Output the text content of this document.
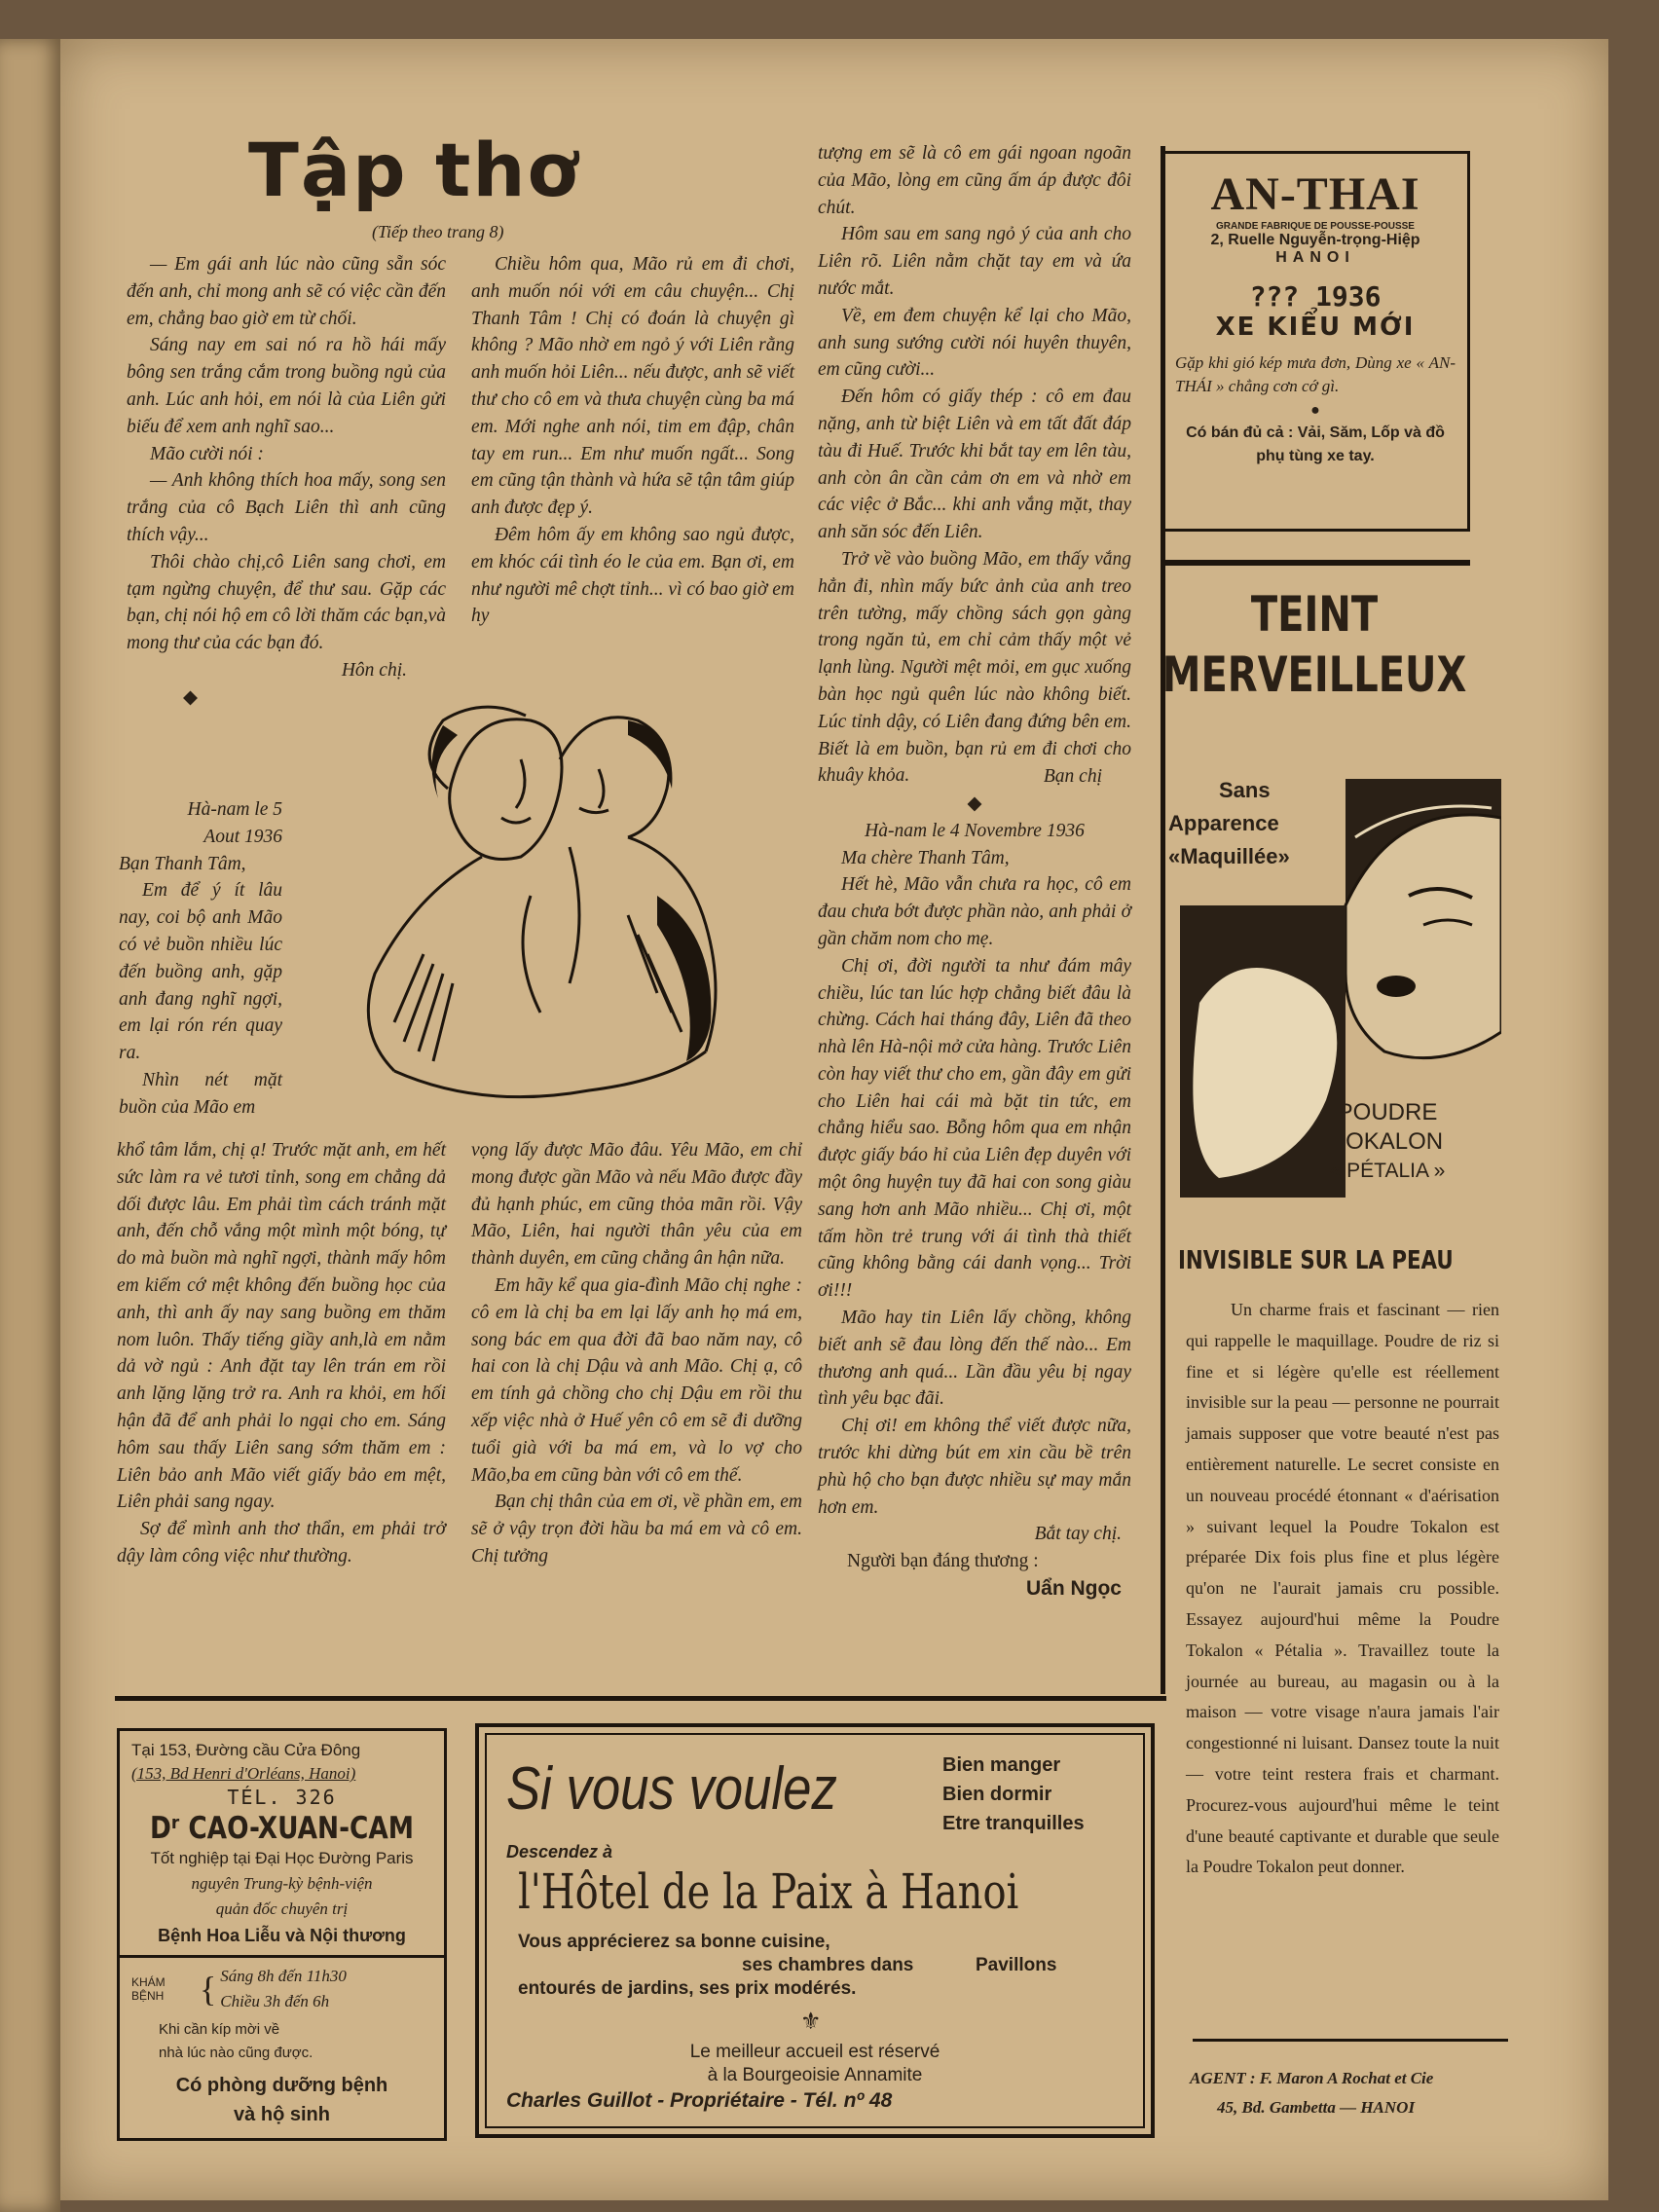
Tập thơ
(Tiếp theo trang 8)

— Em gái anh lúc nào cũng sẵn sóc đến anh, chỉ mong anh sẽ có việc cần đến em, chẳng bao giờ em từ chối.

Sáng nay em sai nó ra hồ hái mấy bông sen trắng cắm trong buồng ngủ của anh. Lúc anh hỏi, em nói là của Liên gửi biếu để xem anh nghĩ sao...

Mão cười nói :

— Anh không thích hoa mấy, song sen trắng của cô Bạch Liên thì anh cũng thích vậy...

Thôi chào chị,cô Liên sang chơi, em tạm ngừng chuyện, để thư sau. Gặp các bạn, chị nói hộ em cô lời thăm các bạn,và mong thư của các bạn đó.

Hôn chị.

◆

Hà-nam le 5 Aout 1936

Bạn Thanh Tâm,

Em để ý ít lâu nay, coi bộ anh Mão có vẻ buồn nhiều lúc đến buồng anh, gặp anh đang nghĩ ngợi, em lại rón rén quay ra.

Nhìn nét mặt buồn của Mão em

khổ tâm lắm, chị ạ! Trước mặt anh, em hết sức làm ra vẻ tươi tỉnh, song em chẳng dả dối được lâu. Em phải tìm cách tránh mặt anh, đến chỗ vắng một mình một bóng, tự do mà buồn mà nghĩ ngợi, thành mấy hôm em kiếm cớ mệt không đến buồng học của anh, thì anh ấy nay sang buồng em thăm nom luôn. Thấy tiếng giầy anh,là em nằm dả vờ ngủ : Anh đặt tay lên trán em rồi anh lặng lặng trở ra. Anh ra khỏi, em hối hận đã để anh phải lo ngại cho em. Sáng hôm sau thấy Liên sang sớm thăm em : Liên bảo anh Mão viết giấy bảo em mệt, Liên phải sang ngay.

Sợ để mình anh thơ thẩn, em phải trở dậy làm công việc như thường.

Chiều hôm qua, Mão rủ em đi chơi, anh muốn nói với em câu chuyện... Chị Thanh Tâm ! Chị có đoán là chuyện gì không ? Mão nhờ em ngỏ ý với Liên rằng anh muốn hỏi Liên... nếu được, anh sẽ viết thư cho cô em và thưa chuyện cùng ba má em. Mới nghe anh nói, tim em đập, chân tay em run... Em như muốn ngất... Song em cũng tận thành và hứa sẽ tận tâm giúp anh được đẹp ý.

Đêm hôm ấy em không sao ngủ được, em khóc cái tình éo le của em. Bạn ơi, em như người mê chợt tỉnh... vì có bao giờ em hy

vọng lấy được Mão đâu. Yêu Mão, em chỉ mong được gần Mão và nếu Mão được đầy đủ hạnh phúc, em cũng thỏa mãn rồi. Vậy Mão, Liên, hai người thân yêu của em thành duyên, em cũng chẳng ân hận nữa.

Em hãy kể qua gia-đình Mão chị nghe : cô em là chị ba em lại lấy anh họ má em, song bác em qua đời đã bao năm nay, cô hai con là chị Dậu và anh Mão. Chị ạ, cô em tính gả chồng cho chị Dậu em rồi thu xếp việc nhà ở Huế yên cô em sẽ đi dưỡng tuổi già với ba má em, và lo vợ cho Mão,ba em cũng bàn với cô em thế.

Bạn chị thân của em ơi, về phần em, em sẽ ở vậy trọn đời hầu ba má em và cô em. Chị tưởng

tượng em sẽ là cô em gái ngoan ngoãn của Mão, lòng em cũng ấm áp được đôi chút.

Hôm sau em sang ngỏ ý của anh cho Liên rõ. Liên nằm chặt tay em và ứa nước mắt.

Về, em đem chuyện kể lại cho Mão, anh sung sướng cười nói huyên thuyên, em cũng cười...

Đến hôm có giấy thép : cô em đau nặng, anh từ biệt Liên và em tất đất đáp tàu đi Huế. Trước khi bắt tay em lên tàu, anh còn ân cần cảm ơn em và nhờ em các việc ở Bắc... khi anh vắng mặt, thay anh săn sóc đến Liên.

Trở về vào buồng Mão, em thấy vắng hẳn đi, nhìn mấy bức ảnh của anh treo trên tường, mấy chồng sách gọn gàng trong ngăn tủ, em chỉ cảm thấy một vẻ lạnh lùng. Người mệt mỏi, em gục xuống bàn học ngủ quên lúc nào không biết. Lúc tỉnh dậy, có Liên đang đứng bên em. Biết là em buồn, bạn rủ em đi chơi cho khuây khỏa.	Bạn chị

◆

Hà-nam le 4 Novembre 1936

Ma chère Thanh Tâm,

Hết hè, Mão vẫn chưa ra học, cô em đau chưa bớt được phần nào, anh phải ở gần chăm nom cho mẹ.

Chị ơi, đời người ta như đám mây chiều, lúc tan lúc hợp chẳng biết đâu là chừng. Cách hai tháng đây, Liên đã theo nhà lên Hà-nội mở cửa hàng. Trước Liên còn hay viết thư cho em, gần đây em gửi cho Liên hai cái mà bặt tin tức, em chẳng hiểu sao. Bỗng hôm qua em nhận được giấy báo hỉ của Liên đẹp duyên với một ông huyện tuy đã hai con song giàu sang hơn anh Mão nhiều... Chị ơi, một tấm hồn trẻ trung với ái tình thà thiết cũng không bằng cái danh vọng... Trời ơi!!!

Mão hay tin Liên lấy chồng, không biết anh sẽ đau lòng đến thế nào... Em thương anh quá... Lần đầu yêu bị ngay tình yêu bạc đãi.

Chị ơi! em không thể viết được nữa, trước khi dừng bút em xin cầu bề trên phù hộ cho bạn được nhiều sự may mắn hơn em.

Bắt tay chị.

Người bạn đáng thương :

Uẩn Ngọc

AN-THAI
GRANDE FABRIQUE DE POUSSE-POUSSE
2, Ruelle Nguyễn-trọng-Hiệp
HANOI
??? 1936
XE KIỂU MỚI
Gặp khi gió kép mưa đơn, Dùng xe « AN-THÁI » chẳng cơn cớ gì.
●
Có bán đủ cả : Vải, Săm, Lốp và đồ phụ tùng xe tay.
TEINT
MERVEILLEUX
Sans
Apparence
«Maquillée»
POUDRE
TOKALON
« PÉTALIA »
INVISIBLE SUR LA PEAU
Un charme frais et fascinant — rien qui rappelle le maquillage. Poudre de riz si fine et si légère qu'elle est réellement invisible sur la peau — personne ne pourrait jamais supposer que votre beauté n'est pas entièrement naturelle. Le secret consiste en un nouveau procédé étonnant « d'aérisation » suivant lequel la Poudre Tokalon est préparée Dix fois plus fine et plus légère qu'on ne l'aurait jamais cru possible. Essayez aujourd'hui même la Poudre Tokalon « Pétalia ». Travaillez toute la journée au bureau, au magasin ou à la maison — votre visage n'aura jamais l'air congestionné ni luisant. Dansez toute la nuit — votre teint restera frais et charmant. Procurez-vous aujourd'hui même le teint d'une beauté captivante et durable que seule la Poudre Tokalon peut donner.
AGENT : F. Maron A Rochat et Cie
45, Bd. Gambetta — HANOI
Tại 153, Đường cầu Cửa Đông
(153, Bd Henri d'Orléans, Hanoi)
TÉL. 326
Dʳ CAO-XUAN-CAM
Tốt nghiệp tại Đại Học Đường Paris
nguyên Trung-kỳ bệnh-viện
quản đốc chuyên trị
Bệnh Hoa Liễu và Nội thương
KHÁM BỆNH	{ Sáng 8h đến 11h30
Chiều 3h đến 6h
Khi cần kíp mời về
nhà lúc nào cũng được.
Có phòng dưỡng bệnh
và hộ sinh
Si vous voulez	Bien manger
Bien dormir
Etre tranquilles
Descendez à
l'Hôtel de la Paix à Hanoi
Vous apprécierez sa bonne cuisine,
ses chambres dans	Pavillons
entourés de jardins, ses prix modérés.
⚜
Le meilleur accueil est réservé
à la Bourgeoisie Annamite
Charles Guillot - Propriétaire - Tél. nº 48
